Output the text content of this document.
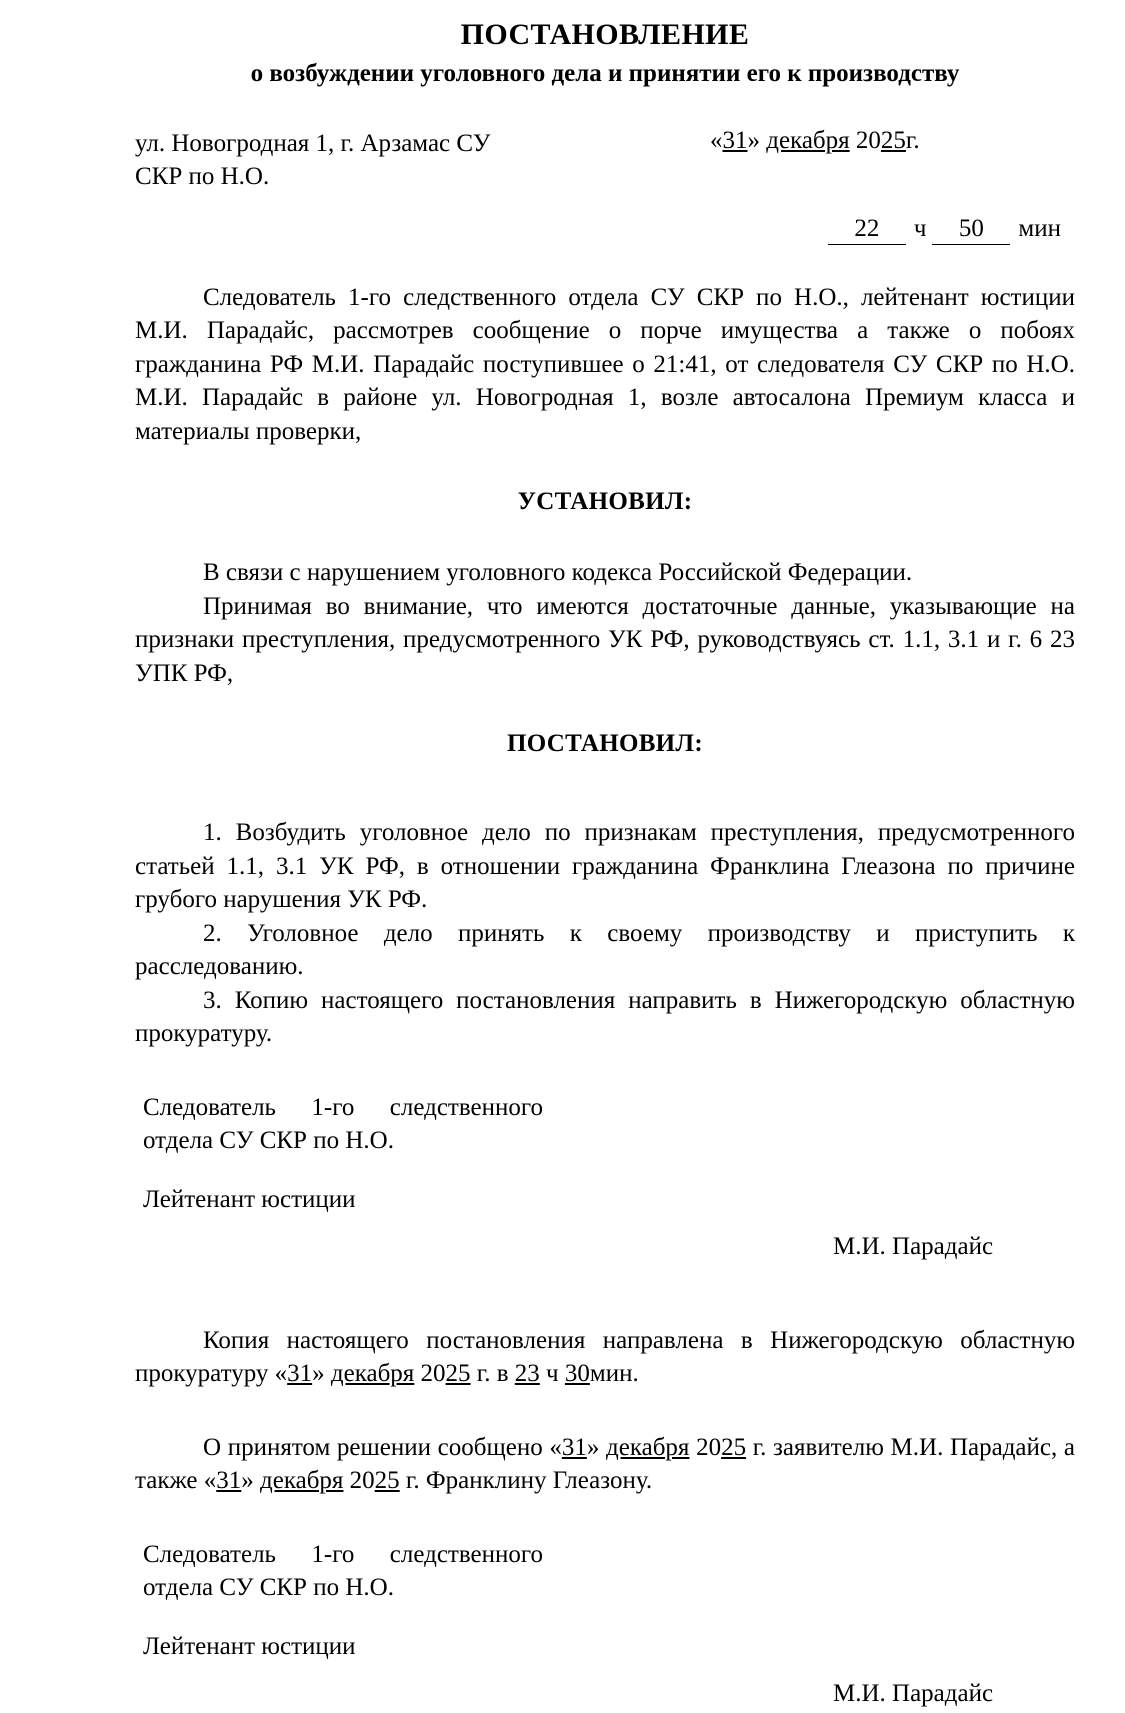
ПОСТАНОВЛЕНИЕ
о возбуждении уголовного дела и принятии его к производству
ул. Новогродная 1, г. Арзамас СУ
СКР по Н.О.
«31» декабря 2025г.
22 ч 50 мин

Следователь 1-го следственного отдела СУ СКР по Н.О., лейтенант юстиции М.И. Парадайс, рассмотрев сообщение о порче имущества а также о побоях гражданина РФ М.И. Парадайс поступившее о 21:41, от следователя СУ СКР по Н.О. М.И. Парадайс в районе ул. Новогродная 1, возле автосалона Премиум класса и материалы проверки,

УСТАНОВИЛ:

В связи с нарушением уголовного кодекса Российской Федерации.

Принимая во внимание, что имеются достаточные данные, указывающие на признаки преступления, предусмотренного УК РФ, руководствуясь ст. 1.1, 3.1 и г. 6 23 УПК РФ,

ПОСТАНОВИЛ:

1. Возбудить уголовное дело по признакам преступления, предусмотренного статьей 1.1, 3.1 УК РФ, в отношении гражданина Франклина Глеазона по причине грубого нарушения УК РФ.

2. Уголовное дело принять к своему производству и приступить к расследованию.

3. Копию настоящего постановления направить в Нижегородскую областную прокуратуру.

Следователь 1-го следственного
отдела СУ СКР по Н.О.
Лейтенант юстиции
М.И. Парадайс

Копия настоящего постановления направлена в Нижегородскую областную прокуратуру «31» декабря 2025 г. в 23 ч 30мин.

О принятом решении сообщено «31» декабря 2025 г. заявителю М.И. Парадайс, а также «31» декабря 2025 г. Франклину Глеазону.

Следователь 1-го следственного
отдела СУ СКР по Н.О.
Лейтенант юстиции
М.И. Парадайс
